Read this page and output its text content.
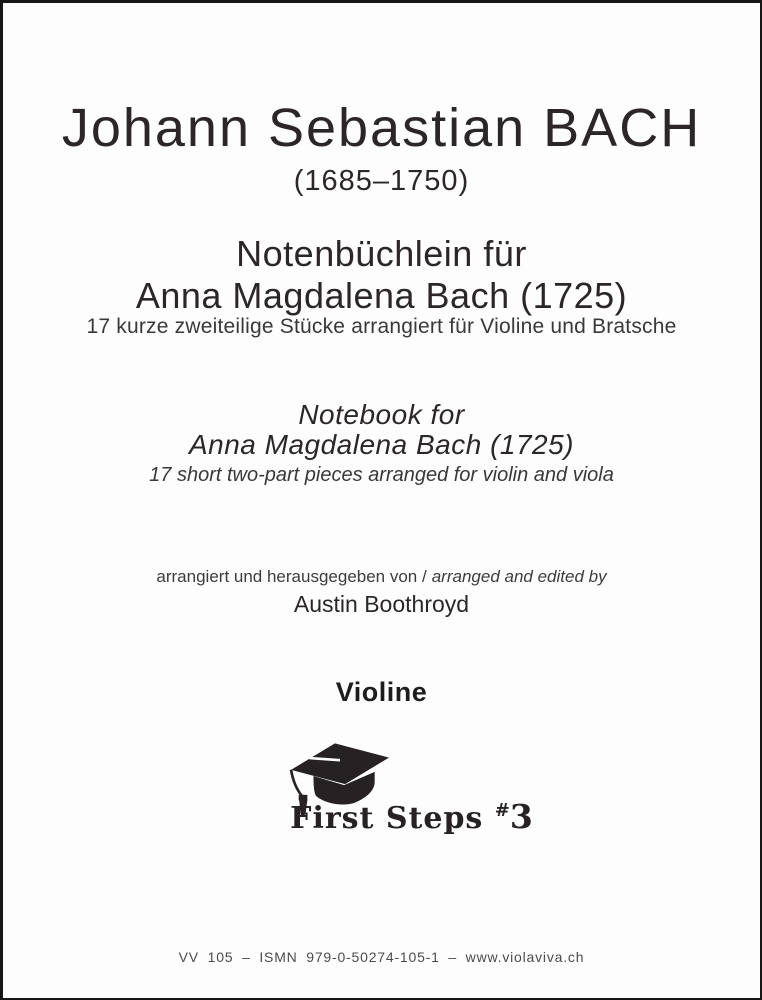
Johann Sebastian BACH
(1685–1750)
Notenbüchlein für
Anna Magdalena Bach (1725)
17 kurze zweiteilige Stücke arrangiert für Violine und Bratsche
Notebook for
Anna Magdalena Bach (1725)
17 short two-part pieces arranged for violin and viola
arrangiert und herausgegeben von / arranged and edited by
Austin Boothroyd
Violine
First Steps #3
VV 105 – ISMN 979-0-50274-105-1 – www.violaviva.ch
